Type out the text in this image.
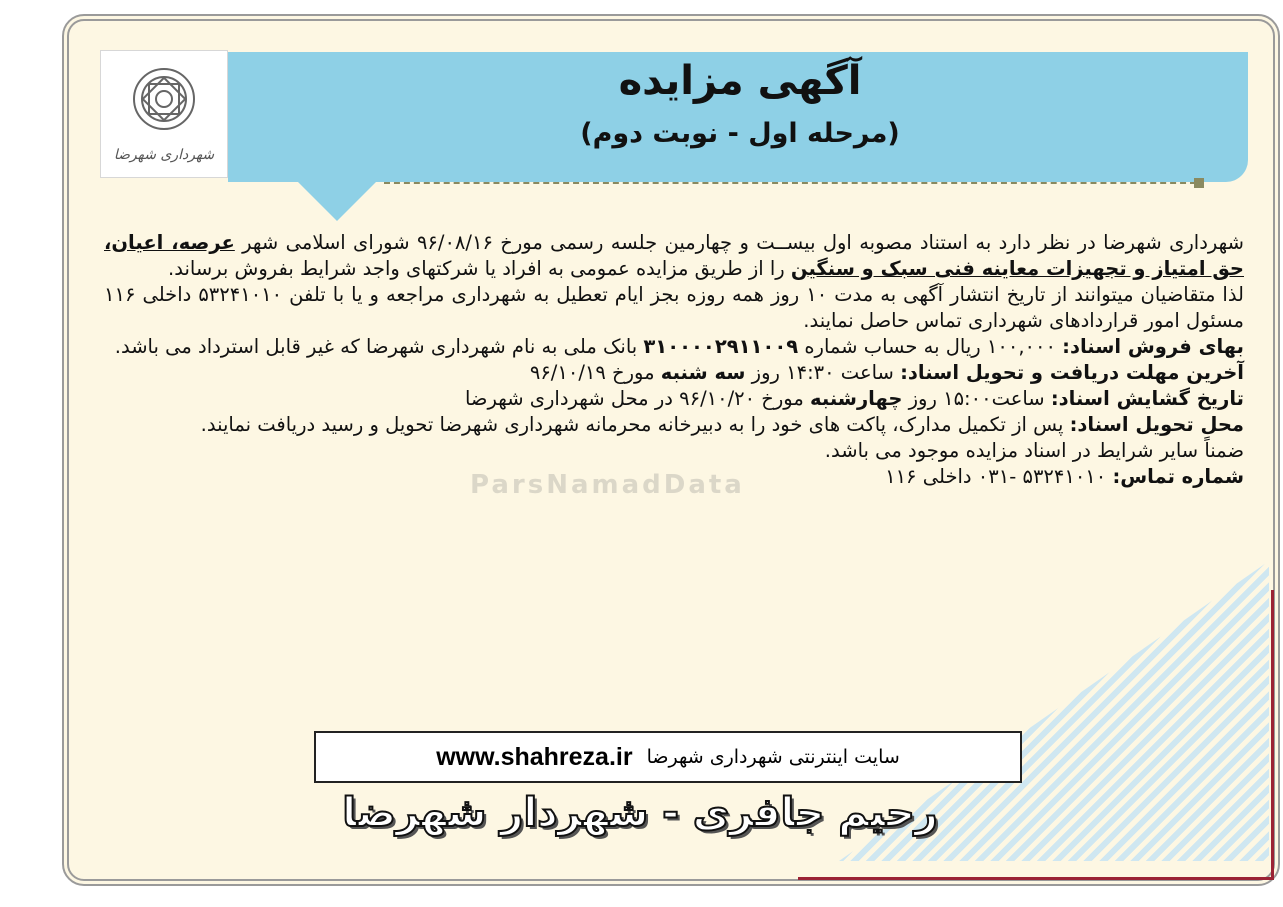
شهرداری شهرضا
آگهی مزایده
(مرحله اول - نوبت دوم)
ParsNamadData

شهرداری شهرضا در نظر دارد به استناد مصوبه اول بیســت و چهارمین جلسه رسمی مورخ ۹۶/۰۸/۱۶ شورای اسلامی شهر عرصه، اعیان، حق امتیاز و تجهیزات معاینه فنی سبک و سنگین را از طریق مزایده عمومی به افراد یا شرکتهای واجد شرایط بفروش برساند.

لذا متقاضیان میتوانند از تاریخ انتشار آگهی به مدت ۱۰ روز همه روزه بجز ایام تعطیل به شهرداری مراجعه و یا با تلفن ۵۳۲۴۱۰۱۰ داخلی ۱۱۶ مسئول امور قراردادهای شهرداری تماس حاصل نمایند.

بهای فروش اسناد: ۱۰۰,۰۰۰ ریال به حساب شماره ۳۱۰۰۰۰۲۹۱۱۰۰۹ بانک ملی به نام شهرداری شهرضا که غیر قابل استرداد می باشد.

آخرین مهلت دریافت و تحویل اسناد: ساعت ۱۴:۳۰ روز سه شنبه مورخ ۹۶/۱۰/۱۹

تاریخ گشایش اسناد: ساعت۱۵:۰۰ روز چهارشنبه مورخ ۹۶/۱۰/۲۰ در محل شهرداری شهرضا

محل تحویل اسناد: پس از تکمیل مدارک، پاکت های خود را به دبیرخانه محرمانه شهرداری شهرضا تحویل و رسید دریافت نمایند.

ضمناً سایر شرایط در اسناد مزایده موجود می باشد.

شماره تماس: ۵۳۲۴۱۰۱۰ -۰۳۱ داخلی ۱۱۶

سایت اینترنتی شهرداری شهرضا
www.shahreza.ir
رحیم جافری - شهردار شهرضا
